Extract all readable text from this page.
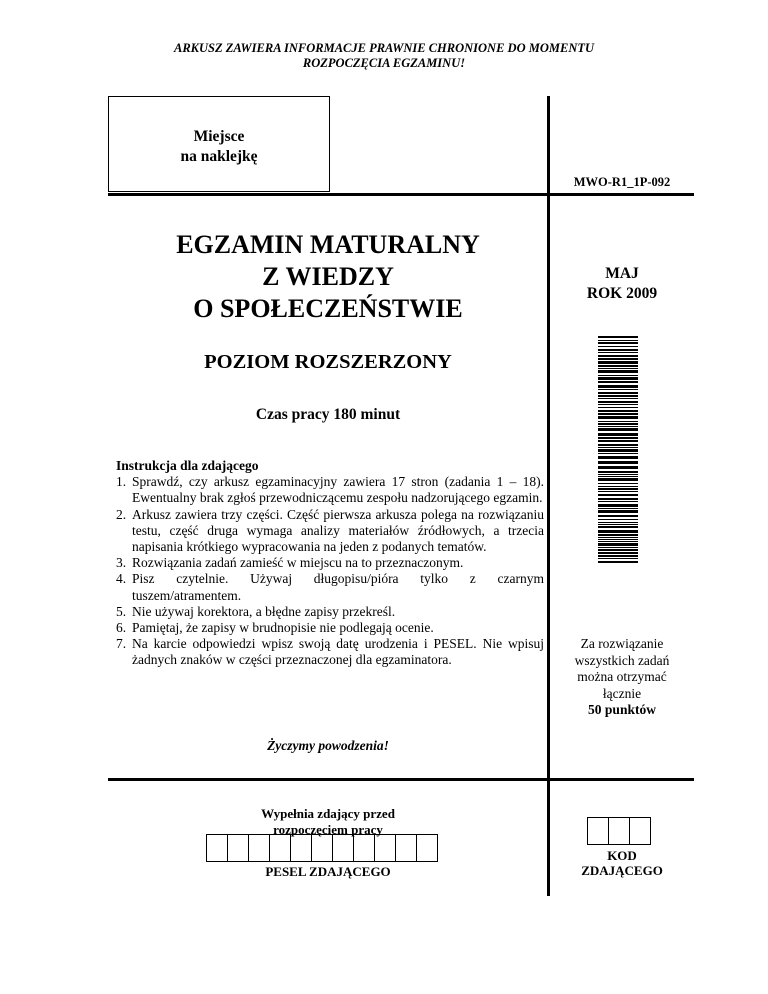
ARKUSZ ZAWIERA INFORMACJE PRAWNIE CHRONIONE DO MOMENTU
ROZPOCZĘCIA EGZAMINU!
Miejsce
na naklejkę
MWO-R1_1P-092
EGZAMIN MATURALNY
Z WIEDZY
O SPOŁECZEŃSTWIE
MAJ
ROK 2009
POZIOM ROZSZERZONY
Czas pracy 180 minut
Instrukcja dla zdającego
1. Sprawdź, czy arkusz egzaminacyjny zawiera 17 stron (zadania 1 – 18). Ewentualny brak zgłoś przewodniczącemu zespołu nadzorującego egzamin.
2. Arkusz zawiera trzy części. Część pierwsza arkusza polega na rozwiązaniu testu, część druga wymaga analizy materiałów źródłowych, a trzecia napisania krótkiego wypracowania na jeden z podanych tematów.
3. Rozwiązania zadań zamieść w miejscu na to przeznaczonym.
4. Pisz czytelnie. Używaj długopisu/pióra tylko z czarnym tuszem/atramentem.
5. Nie używaj korektora, a błędne zapisy przekreśl.
6. Pamiętaj, że zapisy w brudnopisie nie podlegają ocenie.
7. Na karcie odpowiedzi wpisz swoją datę urodzenia i PESEL. Nie wpisuj żadnych znaków w części przeznaczonej dla egzaminatora.
Za rozwiązanie
wszystkich zadań
można otrzymać
łącznie
50 punktów
Życzymy powodzenia!
Wypełnia zdający przed
rozpoczęciem pracy
PESEL ZDAJĄCEGO
KOD
ZDAJĄCEGO
